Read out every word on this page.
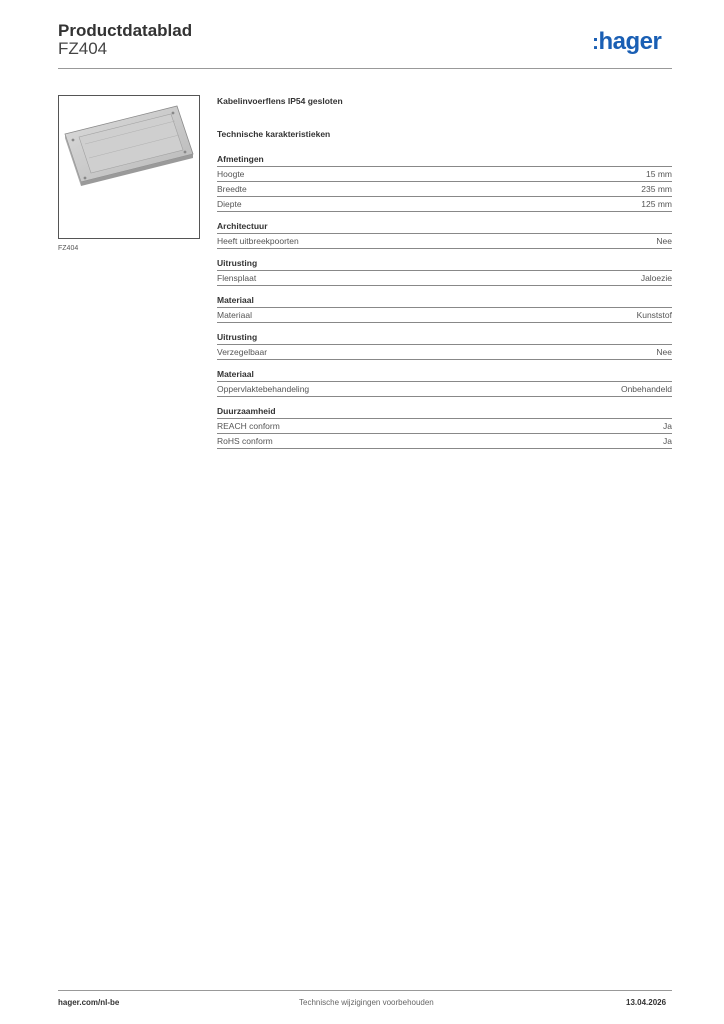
Productdatablad
FZ404	:hager
FZ404
Kabelinvoerflens IP54 gesloten
Technische karakteristieken
Afmetingen
Hoogte	15 mm
Breedte	235 mm
Diepte	125 mm
Architectuur
Heeft uitbreekpoorten	Nee
Uitrusting
Flensplaat	Jaloezie
Materiaal
Materiaal	Kunststof
Uitrusting
Verzegelbaar	Nee
Materiaal
Oppervlaktebehandeling	Onbehandeld
Duurzaamheid
REACH conform	Ja
RoHS conform	Ja
hager.com/nl-be	Technische wijzigingen voorbehouden	13.04.2026
